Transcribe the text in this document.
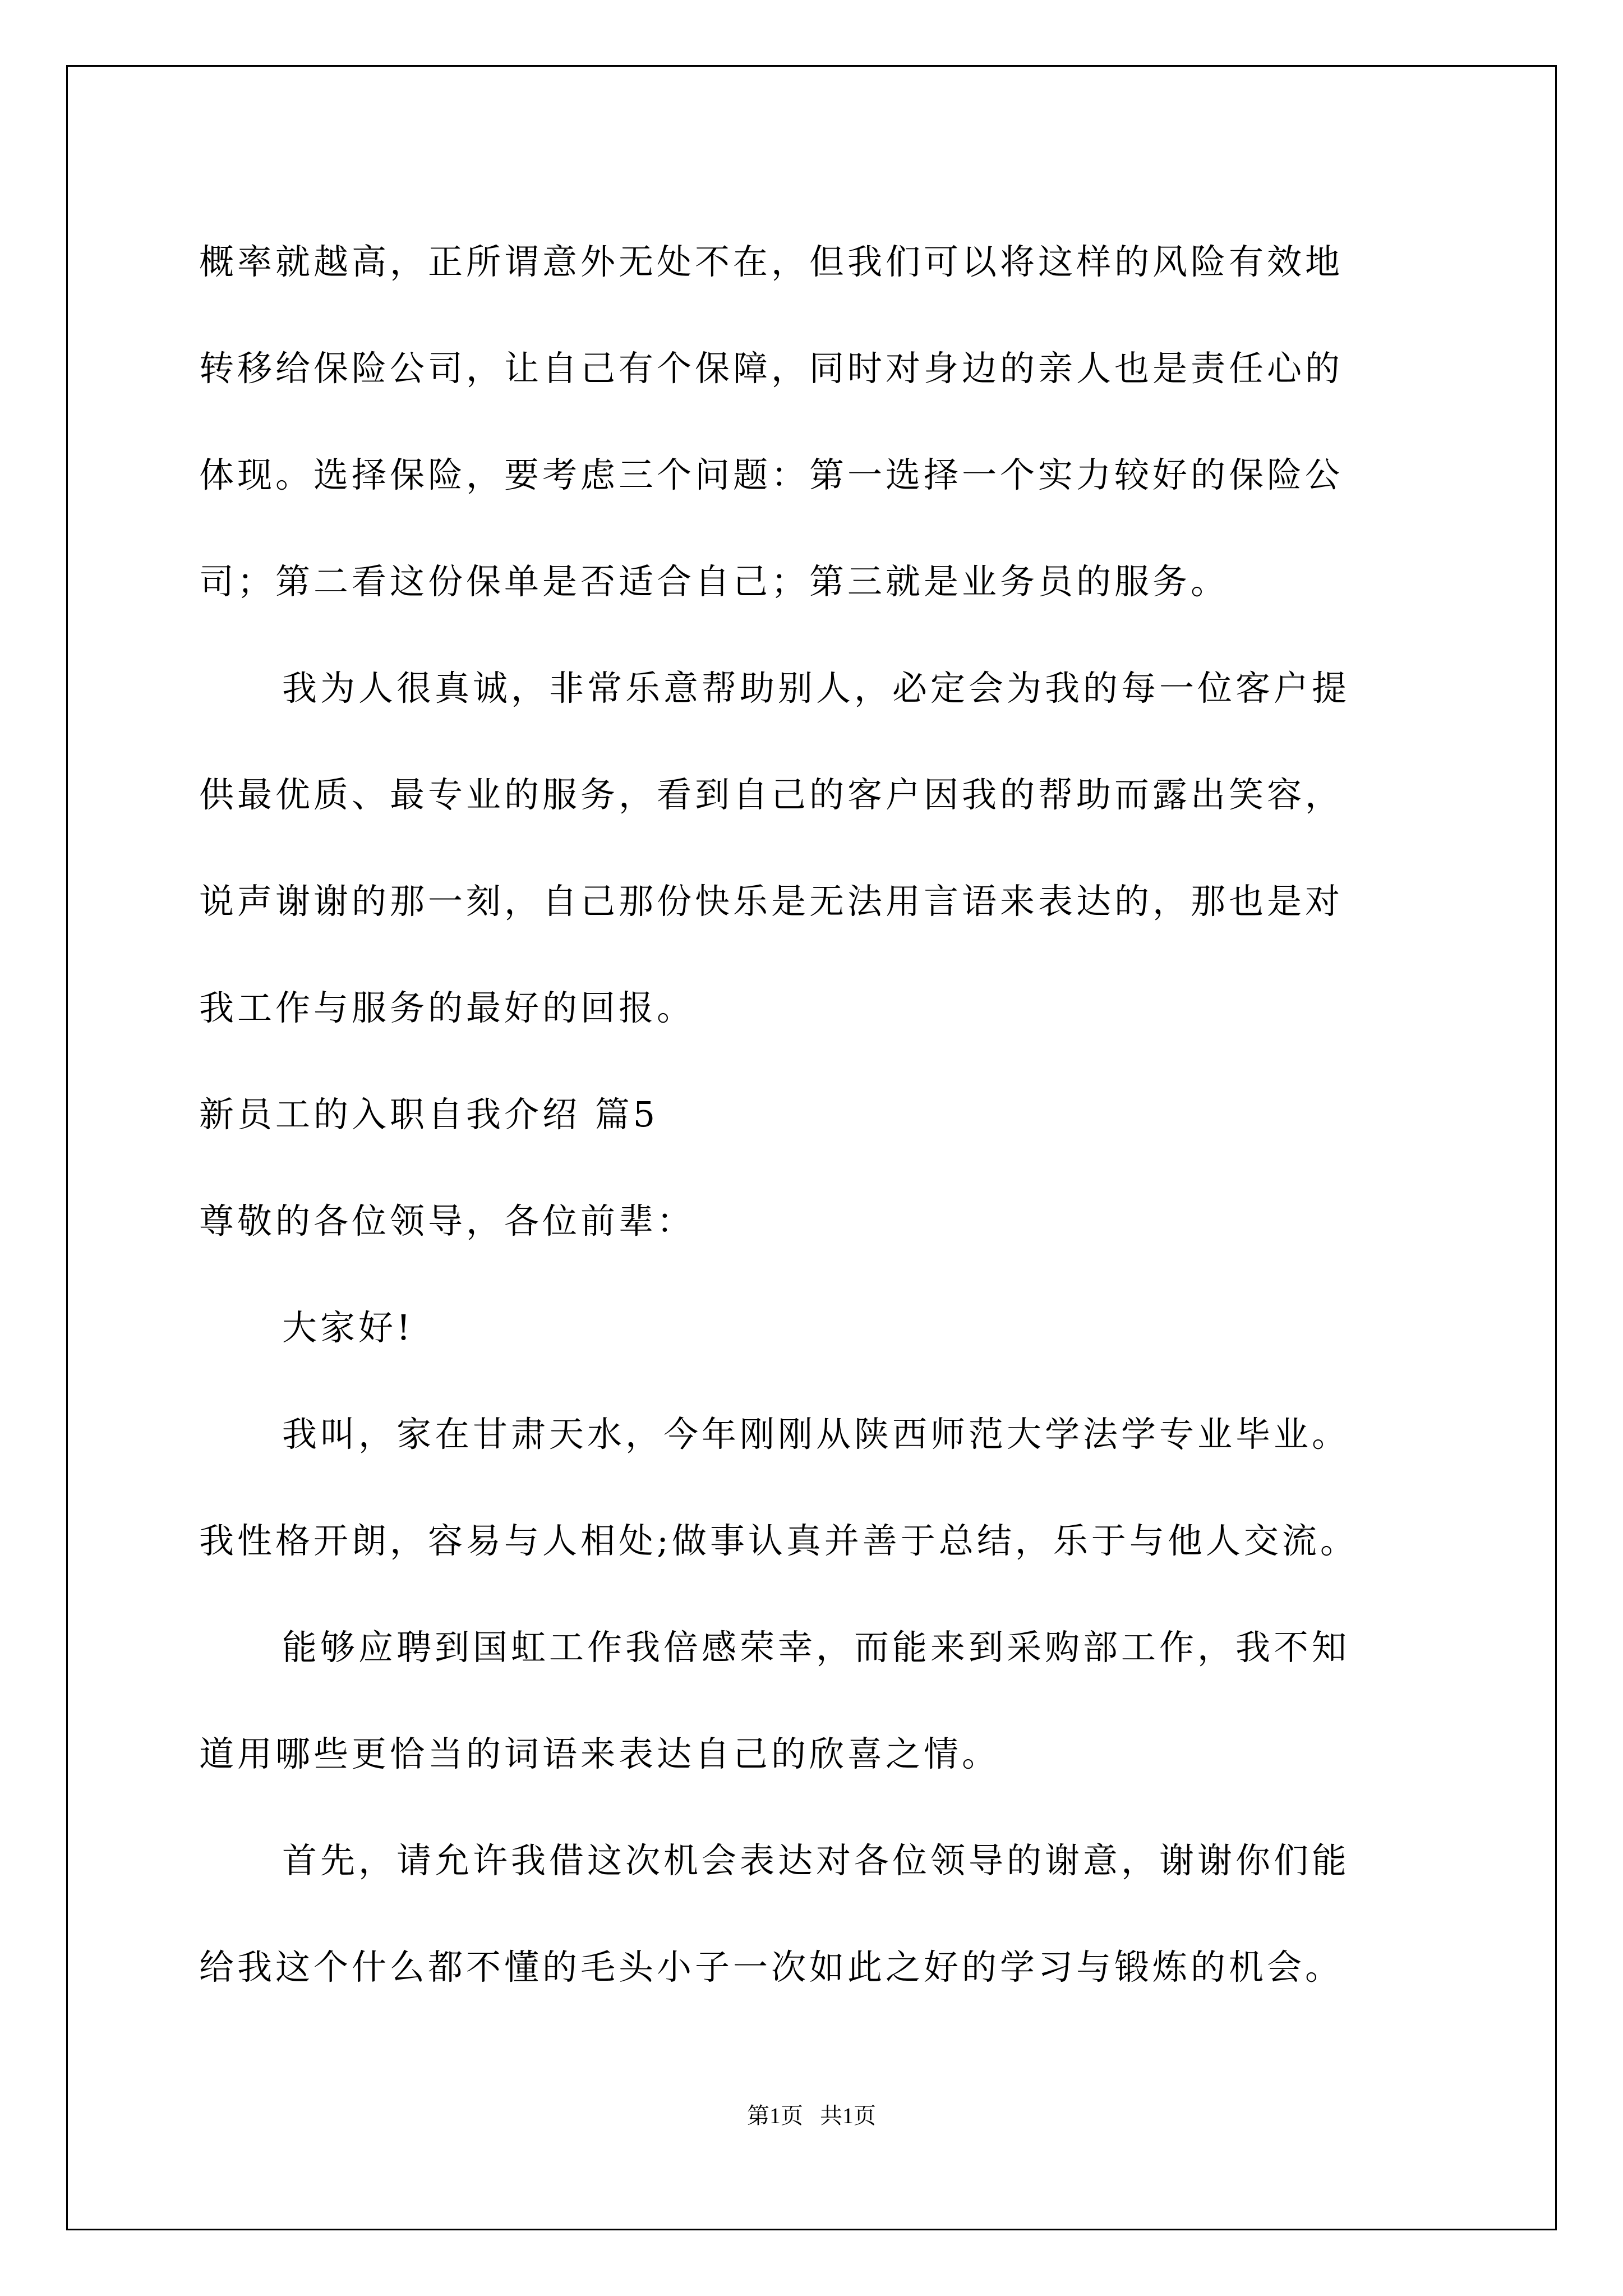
概率就越高，正所谓意外无处不在，但我们可以将这样的风险有效地
转移给保险公司，让自己有个保障，同时对身边的亲人也是责任心的
体现。选择保险，要考虑三个问题：第一选择一个实力较好的保险公
司；第二看这份保单是否适合自己；第三就是业务员的服务。
我为人很真诚，非常乐意帮助别人，必定会为我的每一位客户提
供最优质、最专业的服务，看到自己的客户因我的帮助而露出笑容，
说声谢谢的那一刻，自己那份快乐是无法用言语来表达的，那也是对
我工作与服务的最好的回报。
新员工的入职自我介绍 篇5
尊敬的各位领导，各位前辈：
大家好!
我叫，家在甘肃天水，今年刚刚从陕西师范大学法学专业毕业。
我性格开朗，容易与人相处;做事认真并善于总结，乐于与他人交流。
能够应聘到国虹工作我倍感荣幸，而能来到采购部工作，我不知
道用哪些更恰当的词语来表达自己的欣喜之情。
首先，请允许我借这次机会表达对各位领导的谢意，谢谢你们能
给我这个什么都不懂的毛头小子一次如此之好的学习与锻炼的机会。
第1页   共1页
